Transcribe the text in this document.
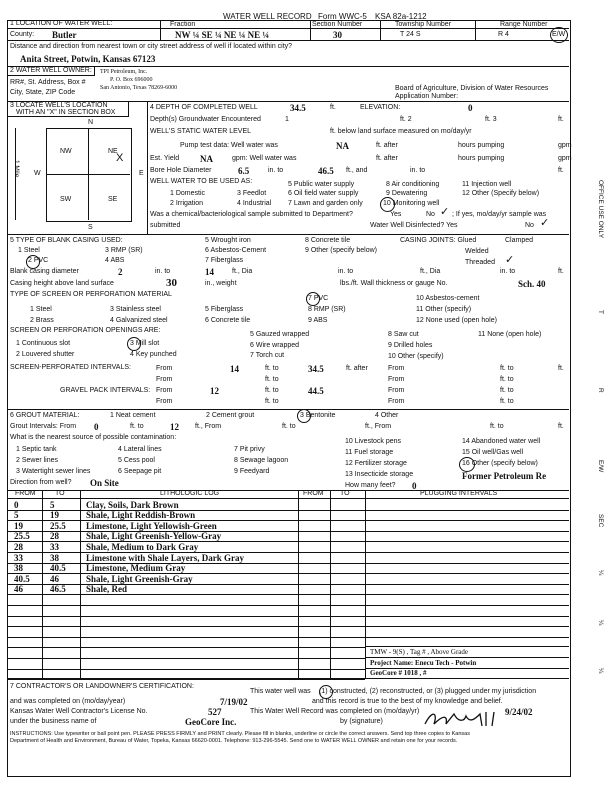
WATER WELL RECORD Form WWC-5 KSA 82a-1212
1 LOCATION OF WATER WELL:
County: Butler
Fraction
NW ¼ SE ¼ NE ¼ NE ¼
Section Number
30
Township Number
T 24 S
Range Number
R 4	E/W
Distance and direction from nearest town or city street address of well if located within city?
Anita Street, Potwin, Kansas 67123
2 WATER WELL OWNER: TPI Petroleum, Inc.
P. O. Box 696000
San Antonio, Texas 78269-6000
RR#, St. Address, Box #
City, State, ZIP Code
Board of Agriculture, Division of Water Resources
Application Number:
3 LOCATE WELL'S LOCATION
WITH AN "X" IN SECTION BOX
N
S
W	E
NW	NE
SW	SE
X
1 Mile
4 DEPTH OF COMPLETED WELL	34.5	ft.	ELEVATION:	0
Depth(s) Groundwater Encountered	1	ft. 2	ft. 3	ft.
WELL'S STATIC WATER LEVEL	ft. below land surface measured on mo/day/yr
Pump test data: Well water was	NA	ft. after	hours pumping	gpm
Est. Yield NA	gpm: Well water was	ft. after	hours pumping	gpm
Bore Hole Diameter	6.5	in. to	46.5 ft., and	in. to	ft.
WELL WATER TO BE USED AS:	5 Public water supply	8 Air conditioning	11 Injection well
1 Domestic	3 Feedlot	6 Oil field water supply	9 Dewatering	12 Other (Specify below)
2 Irrigation	4 Industrial 7 Lawn and garden only	10 Monitoring well
Was a chemical/bacteriological sample submitted to Department?	Yes	No ✓ ; If yes, mo/day/yr sample was
submitted	Water Well Disinfected? Yes	No ✓
5 TYPE OF BLANK CASING USED:	5 Wrought iron	8 Concrete tile	CASING JOINTS: Glued	Clamped
1 Steel	3 RMP (SR)	6 Asbestos-Cement	9 Other (specify below)	Welded
2 PVC	4 ABS	7 Fiberglass	Threaded ✓
Blank casing diameter	2	in. to	14	ft., Dia	in. to	ft., Dia	in. to	ft.
Casing height above land surface	30	in., weight	lbs./ft. Wall thickness or gauge No.	Sch. 40
TYPE OF SCREEN OR PERFORATION MATERIAL
7 PVC	10 Asbestos-cement
1 Steel	3 Stainless steel	5 Fiberglass	8 RMP (SR)	11 Other (specify)
2 Brass	4 Galvanized steel	6 Concrete tile	9 ABS	12 None used (open hole)
SCREEN OR PERFORATION OPENINGS ARE:
5 Gauzed wrapped	8 Saw cut	11 None (open hole)
1 Continuous slot	3 Mill slot	6 Wire wrapped	9 Drilled holes
2 Louvered shutter	4 Key punched	7 Torch cut	10 Other (specify)
SCREEN-PERFORATED INTERVALS:	From	14	ft. to	34.5	ft. after	From	ft. to	ft.
From	ft. to	From	ft. to
GRAVEL PACK INTERVALS: From	12	ft. to	44.5	From	ft. to
From	ft. to	From	ft. to
6 GROUT MATERIAL:	1 Neat cement	2 Cement grout	3 Bentonite	4 Other
Grout Intervals: From 0	ft. to	12 ft., From	ft. to	ft., From	ft. to	ft.
What is the nearest source of possible contamination:
10 Livestock pens	14 Abandoned water well
1 Septic tank	4 Lateral lines	7 Pit privy	11 Fuel storage	15 Oil well/Gas well
2 Sewer lines	5 Cess pool	8 Sewage lagoon	12 Fertilizer storage	16 Other (specify below)
3 Watertight sewer lines	6 Seepage pit	9 Feedyard	13 Insecticide storage	Former Petroleum Re
Direction from well? On Site	How many feet? 0
FROM	TO	LITHOLOGIC LOG	FROM TO	PLUGGING INTERVALS
0	5	Clay, Soils, Dark Brown
5	19	Shale, Light Reddish-Brown
19	25.5 Limestone, Light Yellowish-Green
25.5 28	Shale, Light Greenish-Yellow-Gray
28	33	Shale, Medium to Dark Gray
33	38	Limestone with Shale Layers, Dark Gray
38	40.5 Limestone, Medium Gray
40.5 46	Shale, Light Greenish-Gray
46	46.5 Shale, Red
TMW - 9(S) , Tag # , Above Grade
Project Name: Enecu Tech - Potwin
GeoCore # 1018 , #
7 CONTRACTOR'S OR LANDOWNER'S CERTIFICATION:
This water well was (1) constructed, (2) reconstructed, or (3) plugged under my jurisdiction
and was completed on (mo/day/year)	7/19/02	and this record is true to the best of my knowledge and belief.
Kansas Water Well Contractor's License No.	527	This Water Well Record was completed on (mo/day/yr)	9/24/02
under the business name of	GeoCore Inc.	by (signature)
INSTRUCTIONS: Use typewriter or ball point pen. PLEASE PRESS FIRMLY and PRINT clearly. Please fill in blanks, underline or circle the correct answers. Send top three copies to Kansas
Department of Health and Environment, Bureau of Water, Topeka, Kansas 66620-0001. Telephone: 913-296-5545. Send one to WATER WELL OWNER and retain one for your records.
OFFICE USE ONLY
T
R
E/W
SEC
¼
¼
¼
